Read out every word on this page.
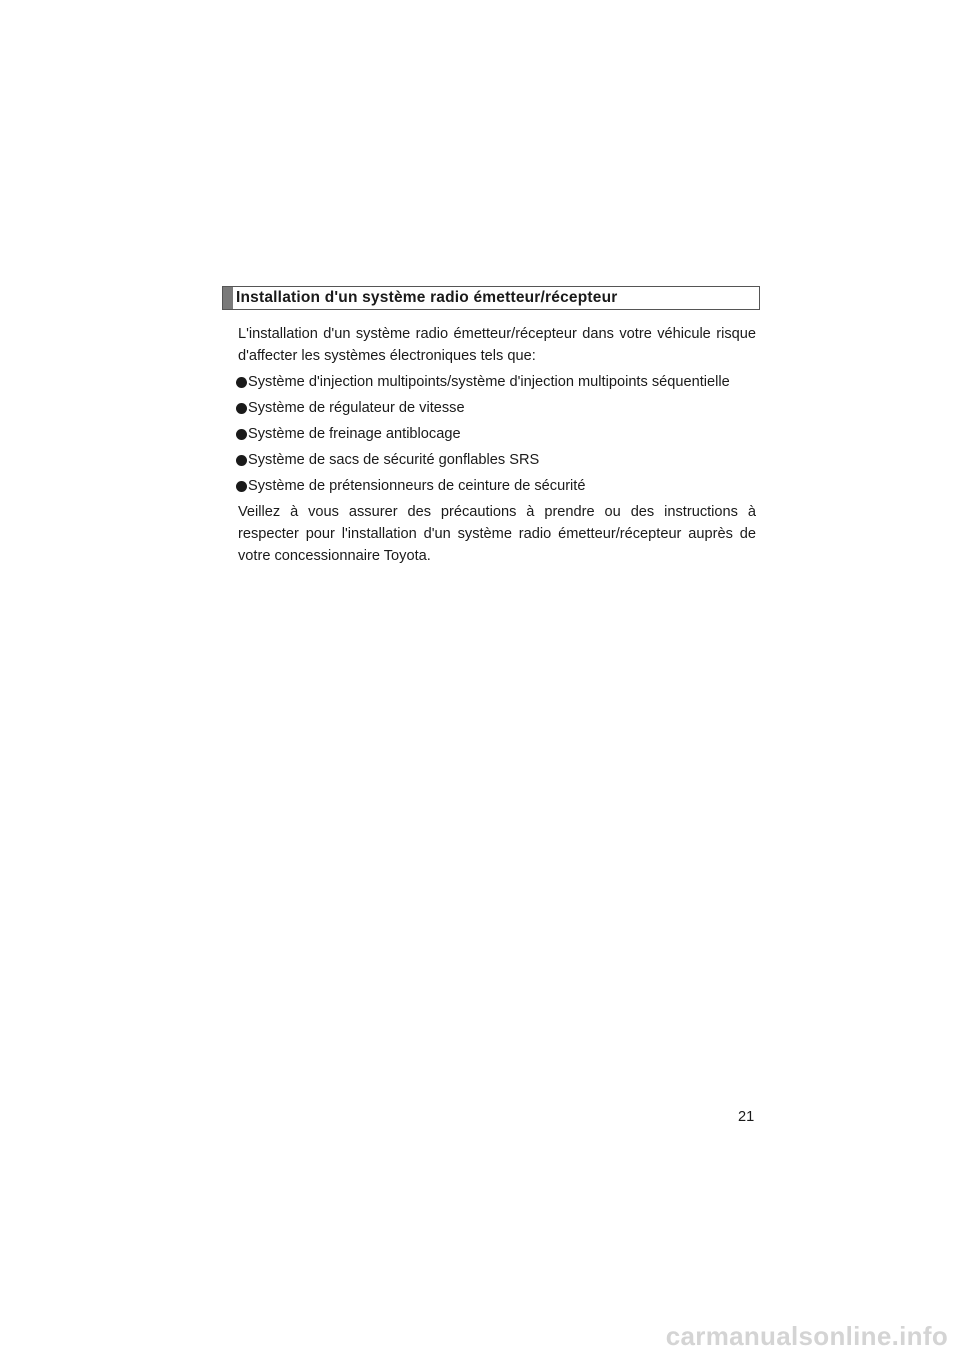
Installation d'un système radio émetteur/récepteur

L'installation d'un système radio émetteur/récepteur dans votre véhicule risque d'affecter les systèmes électroniques tels que:

Système d'injection multipoints/système d'injection multipoints séquentielle
Système de régulateur de vitesse
Système de freinage antiblocage
Système de sacs de sécurité gonflables SRS
Système de prétensionneurs de ceinture de sécurité

Veillez à vous assurer des précautions à prendre ou des instructions à respecter pour l'installation d'un système radio émetteur/récepteur auprès de votre concessionnaire Toyota.

21
carmanualsonline.info
